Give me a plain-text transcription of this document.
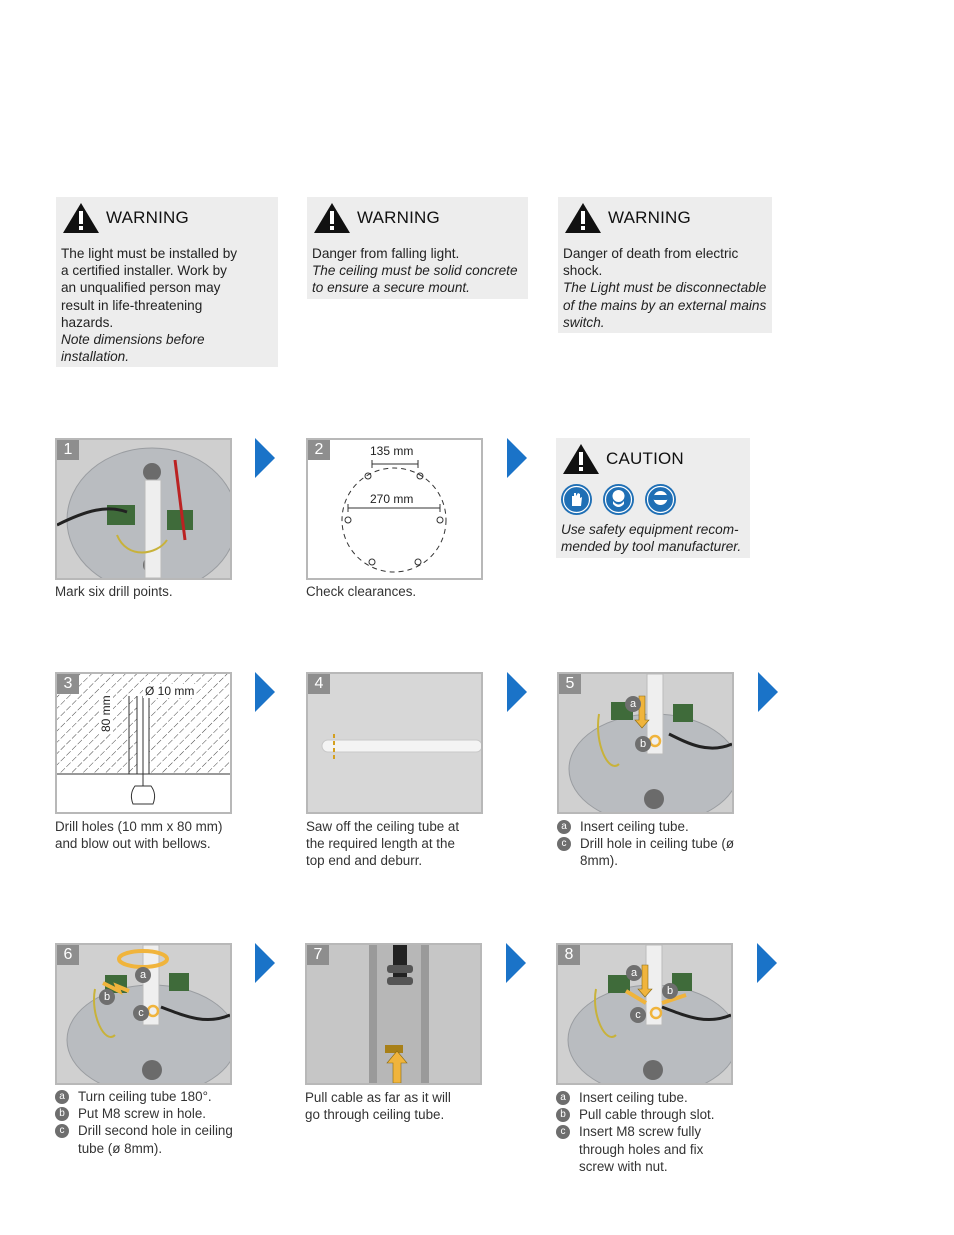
WARNING

The light must be installed by

a certified installer. Work by

an unqualified person may

result in life-threatening

hazards.

Note dimensions before

installation.

WARNING

Danger from falling light.

The ceiling must be solid concrete

to ensure a secure mount.

WARNING

Danger of death from electric

shock.

The Light must be disconnectable

of the mains by an external mains

switch.

1

Mark six drill points.

135 mm
270 mm
2

Check clearances.

CAUTION

Use safety equipment recom-

mended by tool manufacturer.

Ø 10 mm
80 mm
3

Drill holes (10 mm x 80 mm)

and blow out with bellows.

4

Saw off the ceiling tube at

the required length at the

top end and deburr.

a
b
5
a Insert ceiling tube.
c	Drill hole in ceiling tube (ø
8mm).
a
b
c
6
a Turn ceiling tube 180°.
b Put M8 screw in hole.
c	Drill second hole in ceiling
tube (ø 8mm).
7

Pull cable as far as it will

go through ceiling tube.

a
b
c
8
a Insert ceiling tube.
b Pull cable through slot.
c	Insert M8 screw fully
through holes and fix
screw with nut.
